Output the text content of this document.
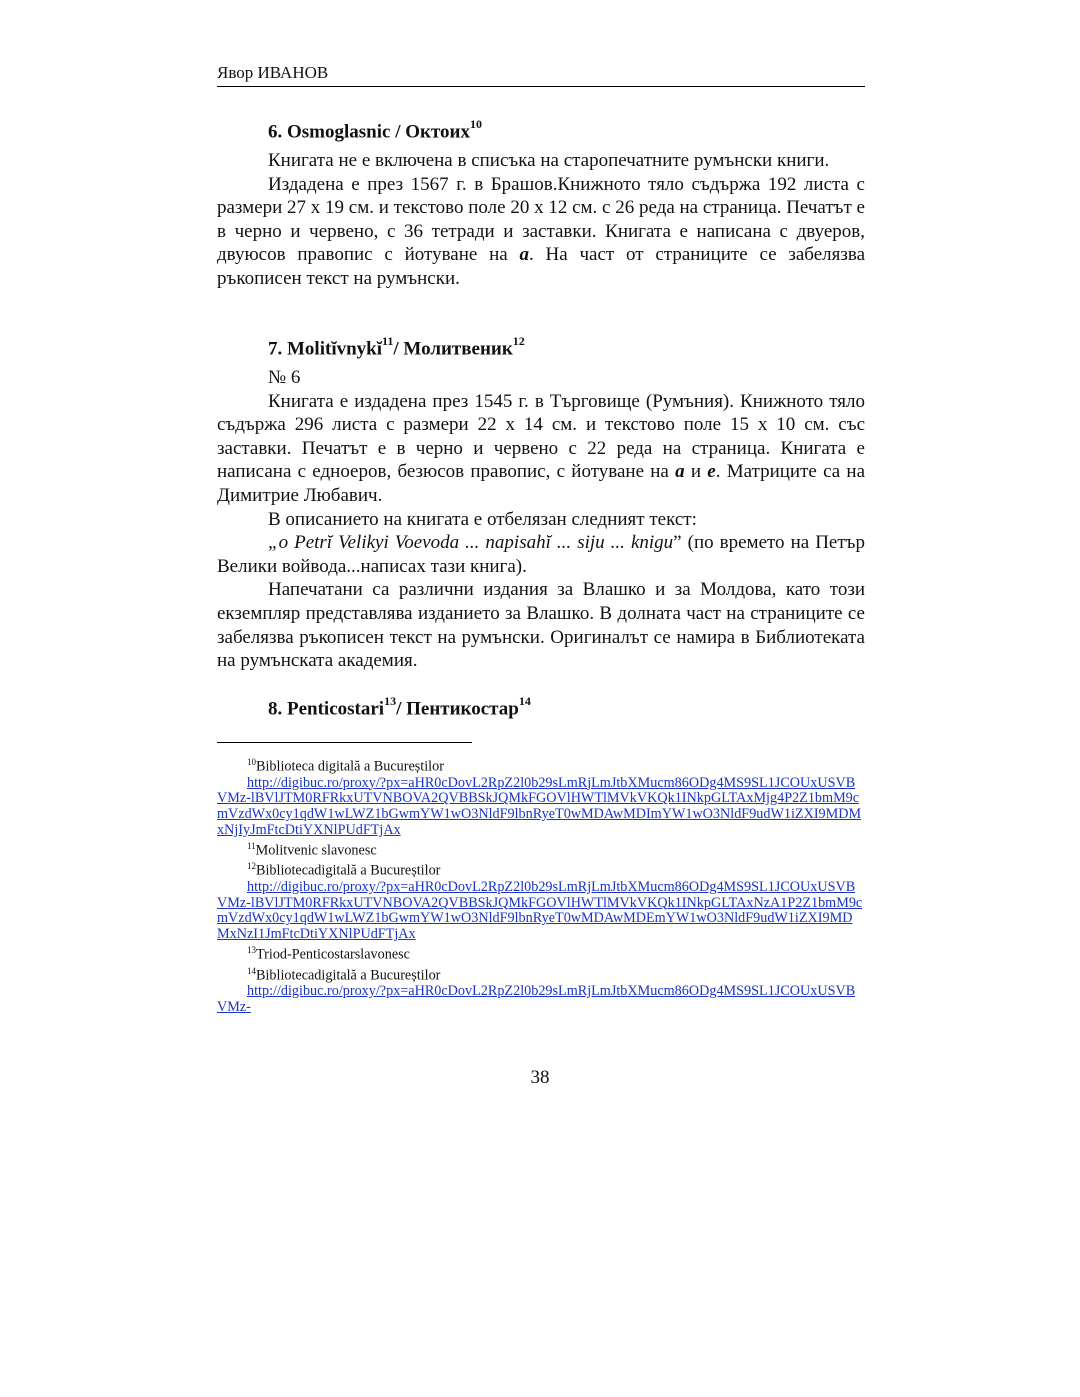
Явор ИВАНОВ
6. Osmoglasnic / Октоих$^{10}$

Книгата не е включена в списъка на старопечатните румънски книги.

Издадена е през 1567 г. в Брашов.Книжното тяло съдържа 192 листа с размери 27 x 19 см. и текстово поле 20 x 12 см. с 26 реда на страница. Печатът е в черно и червено, с 36 тетради и заставки. Книгата е написана с двуеров, двуюсов правопис с йотуване на а. На част от страниците се забелязва ръкописен текст на румънски.

7. Molitĭvnykĭ$^{11}$/ Молитвеник$^{12}$

№ 6

Книгата е издадена през 1545 г. в Търговище (Румъния). Книжното тяло съдържа 296 листа с размери 22 x 14 см. и текстово поле 15 x 10 см. със заставки. Печатът е в черно и червено с 22 реда на страница. Книгата е написана с едноеров, безюсов правопис, с йотуване на а и е. Матриците са на Димитрие Любавич.

В описанието на книгата е отбелязан следният текст:

„о Petrĭ Velikyi Voevoda ... napisahĭ ... siju ... knigu” (по времето на Петър Велики войвода...написах тази книга).

Напечатани са различни издания за Влашко и за Молдова, като този екземпляр представлява изданието за Влашко. В долната част на страниците се забелязва ръкописен текст на румънски. Оригиналът се намира в Библиотеката на румънската академия.

8. Penticostari$^{13}$/ Пентикостар$^{14}$

$^{10}$Biblioteca digitală a Bucureștilor

http://digibuc.ro/proxy/?px=aHR0cDovL2RpZ2l0b29sLmRjLmJtbXMucm86ODg4MS9SL1JCOUxUSVBVMz-lBVlJTM0RFRkxUTVNBOVA2QVBBSkJQMkFGOVlHWTlMVkVKQk1INkpGLTAxMjg4P2Z1bmM9cmVzdWx0cy1qdW1wLWZ1bGwmYW1wO3NldF9lbnRyeT0wMDAwMDImYW1wO3NldF9udW1iZXI9MDMxNjIyJmFtcDtiYXNlPUdFTjAx

$^{11}$Molitvenic slavonesc

$^{12}$Bibliotecadigitală a Bucureștilor

http://digibuc.ro/proxy/?px=aHR0cDovL2RpZ2l0b29sLmRjLmJtbXMucm86ODg4MS9SL1JCOUxUSVBVMz-lBVlJTM0RFRkxUTVNBOVA2QVBBSkJQMkFGOVlHWTlMVkVKQk1INkpGLTAxNzA1P2Z1bmM9cmVzdWx0cy1qdW1wLWZ1bGwmYW1wO3NldF9lbnRyeT0wMDAwMDEmYW1wO3NldF9udW1iZXI9MDMxNzI1JmFtcDtiYXNlPUdFTjAx

$^{13}$Triod-Penticostarslavonesc

$^{14}$Bibliotecadigitală a Bucureștilor

http://digibuc.ro/proxy/?px=aHR0cDovL2RpZ2l0b29sLmRjLmJtbXMucm86ODg4MS9SL1JCOUxUSVBVMz-

38
